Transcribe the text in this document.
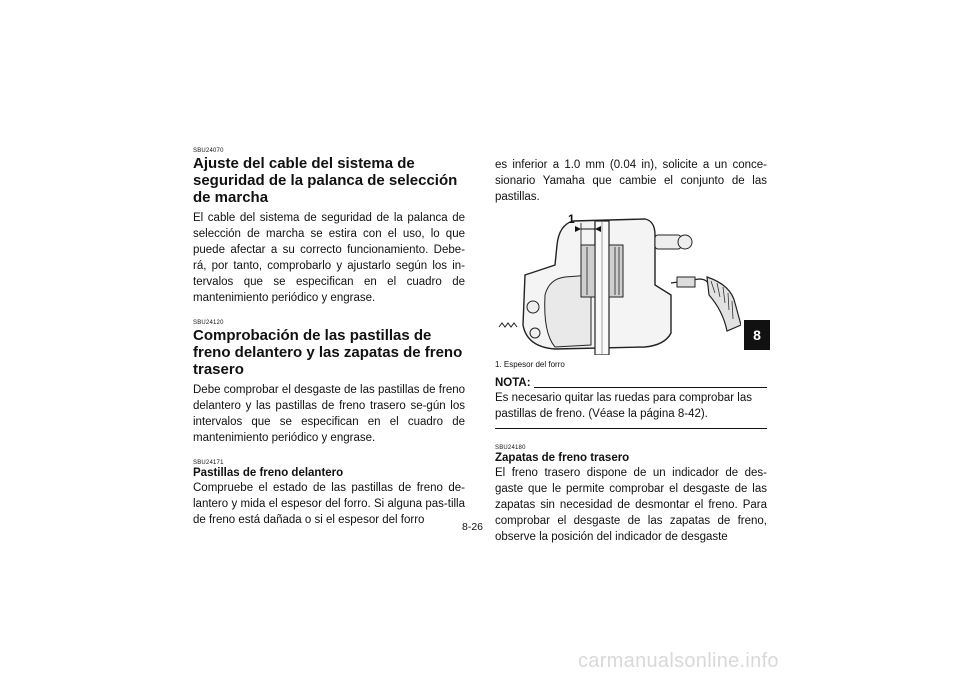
SBU24070

Ajuste del cable del sistema de seguridad de la palanca de selección de marcha

El cable del sistema de seguridad de la palanca de selección de marcha se estira con el uso, lo que puede afectar a su correcto funcionamiento. Debe-rá, por tanto, comprobarlo y ajustarlo según los in-tervalos que se especifican en el cuadro de mantenimiento periódico y engrase.

SBU24120

Comprobación de las pastillas de freno delantero y las zapatas de freno trasero

Debe comprobar el desgaste de las pastillas de freno delantero y las pastillas de freno trasero se-gún los intervalos que se especifican en el cuadro de mantenimiento periódico y engrase.

SBU24171

Pastillas de freno delantero

Compruebe el estado de las pastillas de freno de-lantero y mida el espesor del forro. Si alguna pas-tilla de freno está dañada o si el espesor del forro

es inferior a 1.0 mm (0.04 in), solicite a un conce-sionario Yamaha que cambie el conjunto de las pastillas.

1

1. Espesor del forro

NOTA:

Es necesario quitar las ruedas para comprobar las pastillas de freno. (Véase la página 8-42).

SBU24180

Zapatas de freno trasero

El freno trasero dispone de un indicador de des-gaste que le permite comprobar el desgaste de las zapatas sin necesidad de desmontar el freno. Para comprobar el desgaste de las zapatas de freno, observe la posición del indicador de desgaste

8
8-26
carmanualsonline.info
